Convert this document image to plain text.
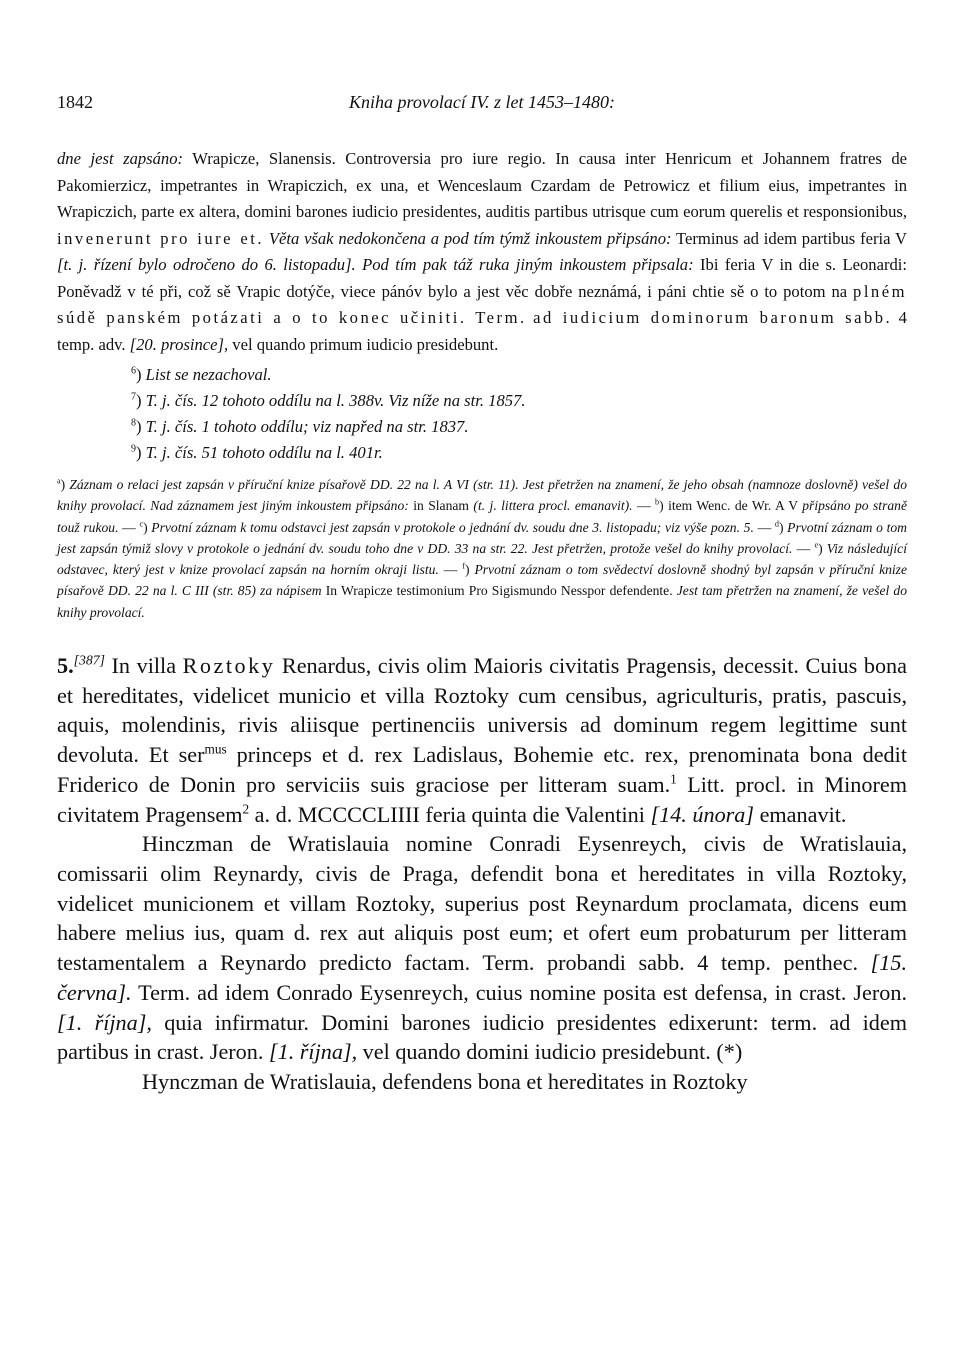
1842	Kniha provolací IV. z let 1453–1480:
dne jest zapsáno: Wrapicze, Slanensis. Controversia pro iure regio. In causa inter Henricum et Johannem fratres de Pakomierzicz, impetrantes in Wrapiczich, ex una, et Wenceslaum Czardam de Petrowicz et filium eius, impetrantes in Wrapiczich, parte ex altera, domini barones iudicio presidentes, auditis partibus utrisque cum eorum querelis et responsionibus, invenerunt pro iure et. Věta však nedokončena a pod tím týmž inkoustem připsáno: Terminus ad idem partibus feria V [t. j. řízení bylo odročeno do 6. listopadu]. Pod tím pak táž ruka jiným inkoustem připsala: Ibi feria V in die s. Leonardi: Poněvadž v té při, což sě Vrapic dotýče, viece pánóv bylo a jest věc dobře neznámá, i páni chtie sě o to potom na plném súdě panském potázati a o to konec učiniti. Term. ad iudicium dominorum baronum sabb. 4 temp. adv. [20. prosince], vel quando primum iudicio presidebunt.
$^6$) List se nezachoval.
$^7$) T. j. čís. 12 tohoto oddílu na l. 388v. Viz níže na str. 1857.
$^8$) T. j. čís. 1 tohoto oddílu; viz napřed na str. 1837.
$^9$) T. j. čís. 51 tohoto oddílu na l. 401r.
$^a$) Záznam o relaci jest zapsán v příruční knize písařově DD. 22 na l. A VI (str. 11). Jest přetržen na znamení, že jeho obsah (namnoze doslovně) vešel do knihy provolací. Nad záznamem jest jiným inkoustem připsáno: in Slanam (t. j. littera procl. emanavit). — $^b$) item Wenc. de Wr. A V připsáno po straně touž rukou. — $^c$) Prvotní záznam k tomu odstavci jest zapsán v protokole o jednání dv. soudu dne 3. listopadu; viz výše pozn. 5. — $^d$) Prvotní záznam o tom jest zapsán týmiž slovy v protokole o jednání dv. soudu toho dne v DD. 33 na str. 22. Jest přetržen, protože vešel do knihy provolací. — $^e$) Viz následující odstavec, který jest v knize provolací zapsán na horním okraji listu. — $^f$) Prvotní záznam o tom svědectví doslovně shodný byl zapsán v příruční knize písařově DD. 22 na l. C III (str. 85) za nápisem In Wrapicze testimonium Pro Sigismundo Nesspor defendente. Jest tam přetržen na znamení, že vešel do knihy provolací.

5.[387] In villa Roztoky Renardus, civis olim Maioris civitatis Pragensis, decessit. Cuius bona et hereditates, videlicet municio et villa Roztoky cum censibus, agriculturis, pratis, pascuis, aquis, molendinis, rivis aliisque pertinenciis universis ad dominum regem legittime sunt devoluta. Et ser$^{mus}$ princeps et d. rex Ladislaus, Bohemie etc. rex, prenominata bona dedit Friderico de Donin pro serviciis suis graciose per litteram suam.$^1$ Litt. procl. in Minorem civitatem Pragensem$^2$ a. d. MCCCCLIIII feria quinta die Valentini [14. února] emanavit.

Hinczman de Wratislauia nomine Conradi Eysenreych, civis de Wratislauia, comissarii olim Reynardy, civis de Praga, defendit bona et hereditates in villa Roztoky, videlicet municionem et villam Roztoky, superius post Reynardum proclamata, dicens eum habere melius ius, quam d. rex aut aliquis post eum; et ofert eum probaturum per litteram testamentalem a Reynardo predicto factam. Term. probandi sabb. 4 temp. penthec. [15. června]. Term. ad idem Conrado Eysenreych, cuius nomine posita est defensa, in crast. Jeron. [1. října], quia infirmatur. Domini barones iudicio presidentes edixerunt: term. ad idem partibus in crast. Jeron. [1. října], vel quando domini iudicio presidebunt. (*)

Hynczman de Wratislauia, defendens bona et hereditates in Roztoky
